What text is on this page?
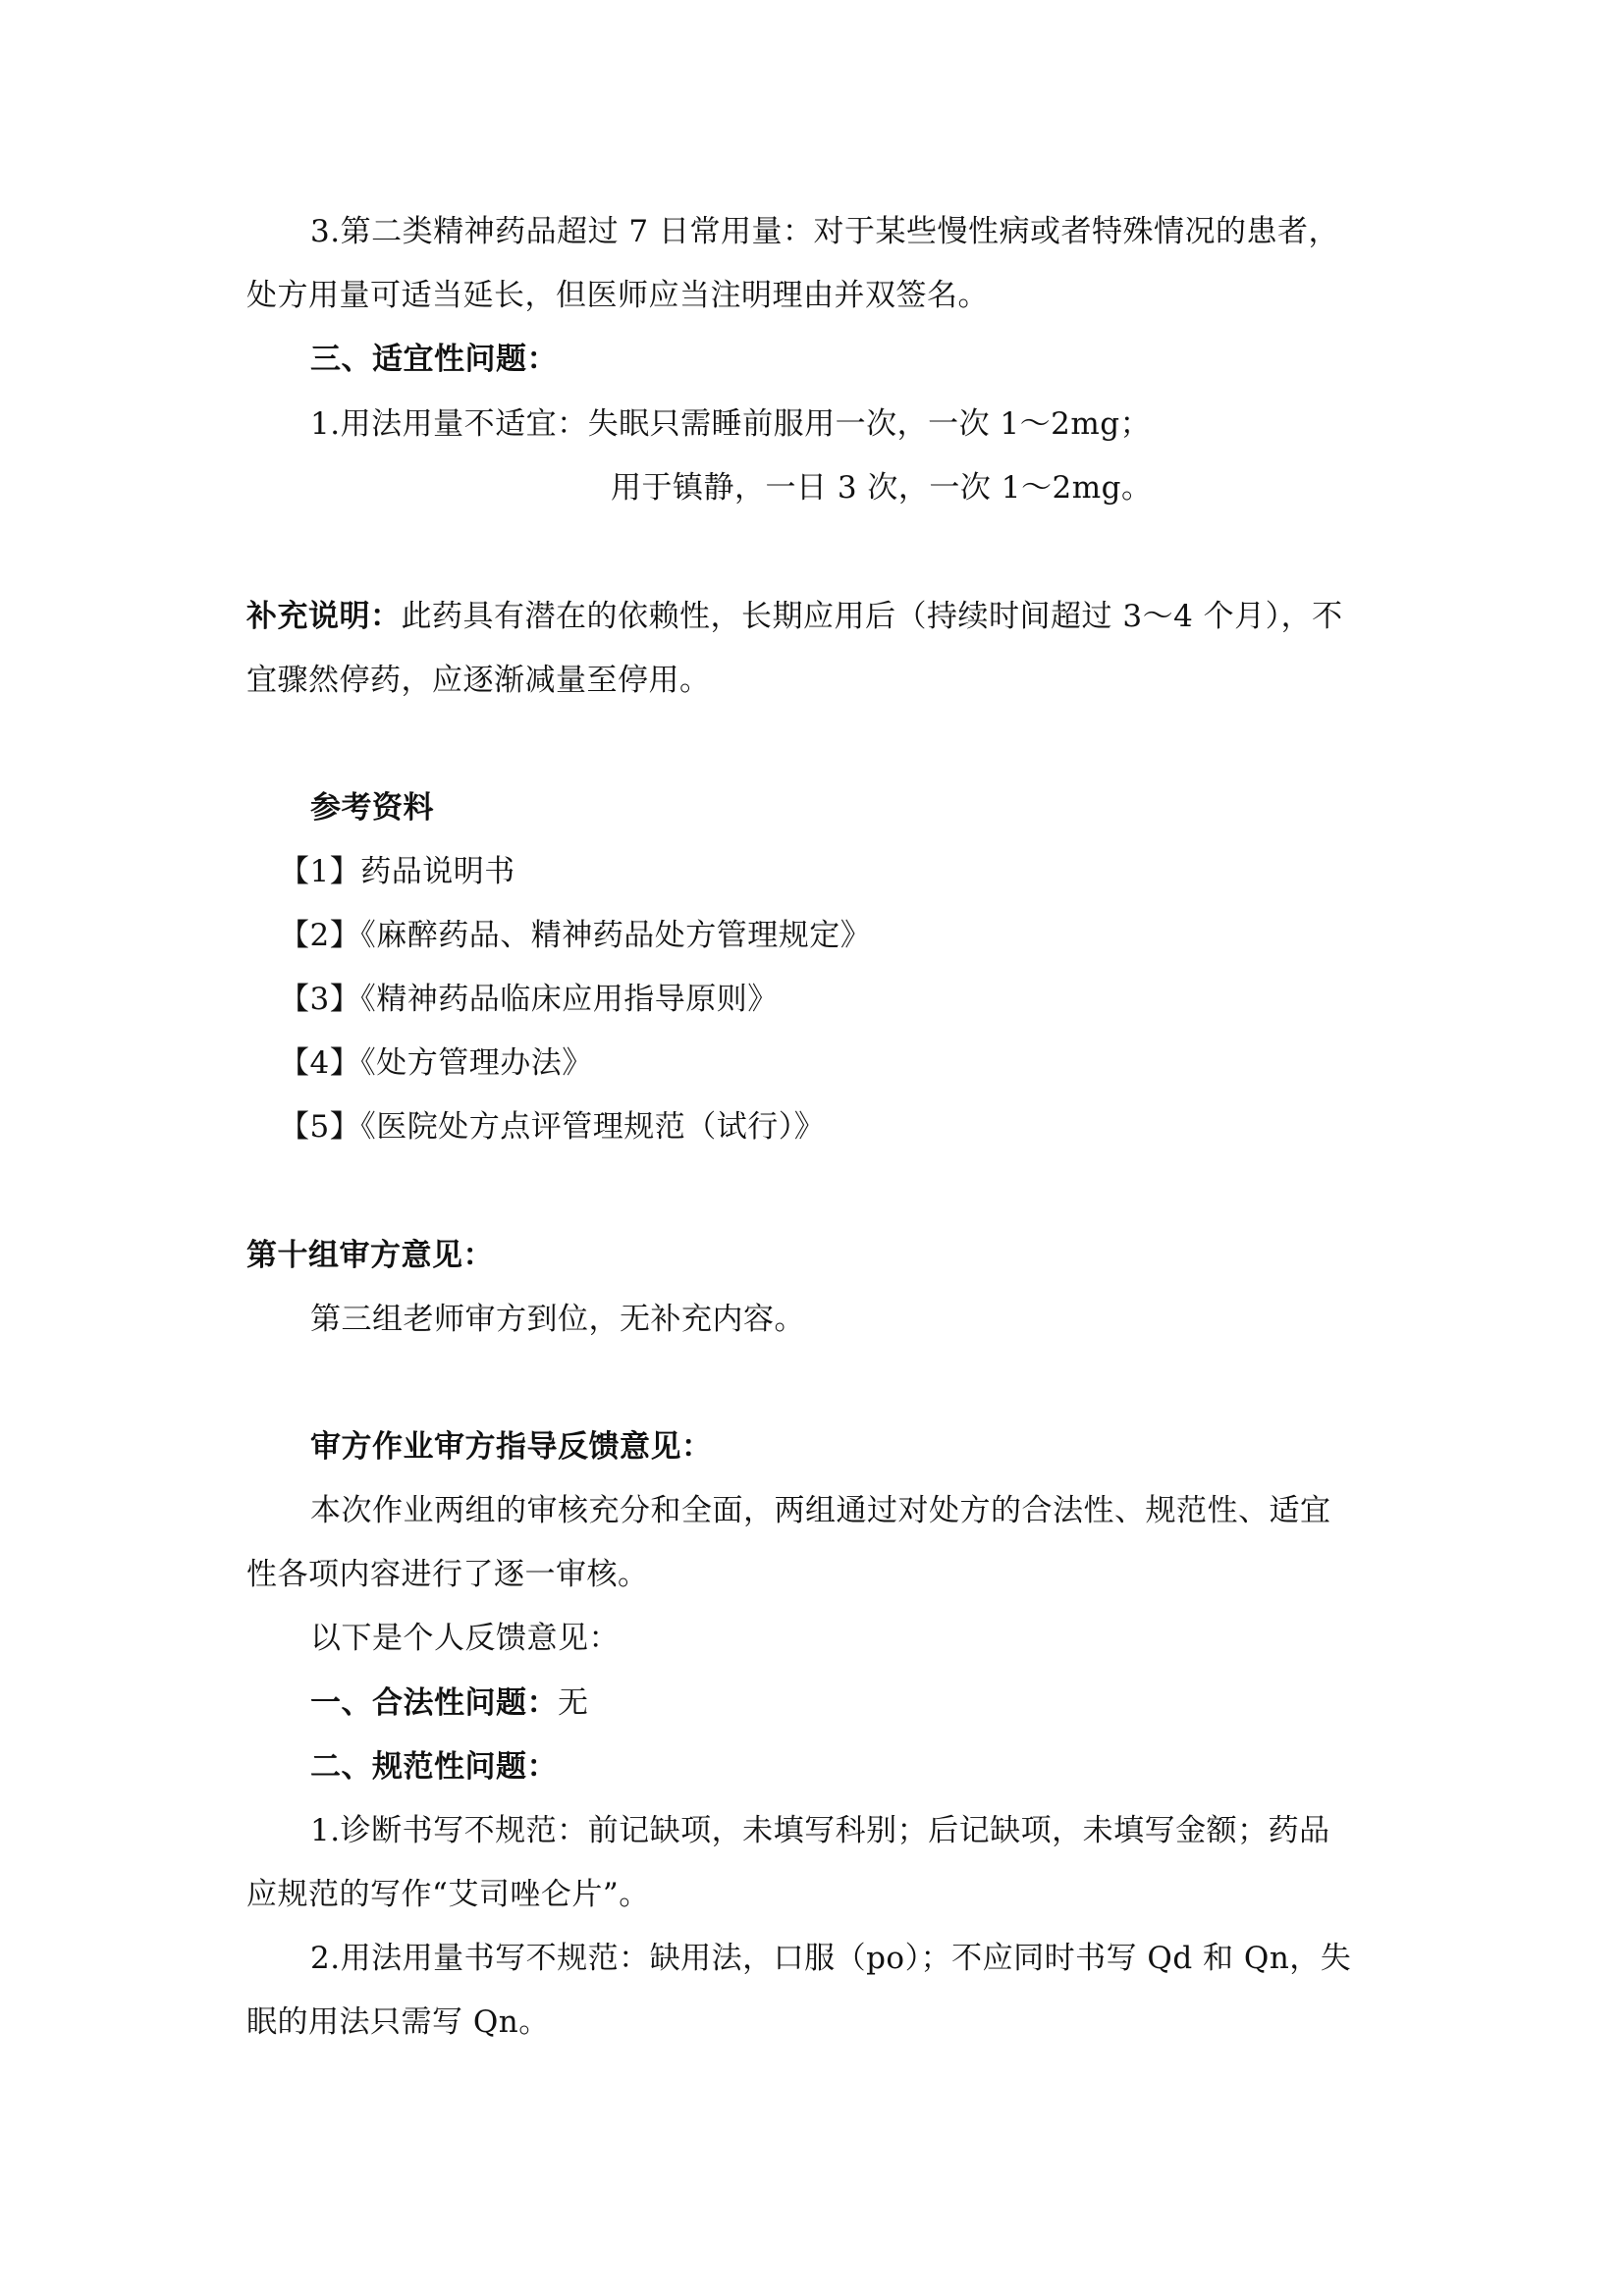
3.第二类精神药品超过 7 日常用量：对于某些慢性病或者特殊情况的患者，
处方用量可适当延长，但医师应当注明理由并双签名。
三、适宜性问题：
1.用法用量不适宜：失眠只需睡前服用一次，一次 1～2mg；
用于镇静，一日 3 次，一次 1～2mg。
补充说明：此药具有潜在的依赖性，长期应用后（持续时间超过 3～4 个月），不
宜骤然停药，应逐渐减量至停用。
参考资料
【1】药品说明书
【2】《麻醉药品、精神药品处方管理规定》
【3】《精神药品临床应用指导原则》
【4】《处方管理办法》
【5】《医院处方点评管理规范（试行）》
第十组审方意见：
第三组老师审方到位，无补充内容。
审方作业审方指导反馈意见：
本次作业两组的审核充分和全面，两组通过对处方的合法性、规范性、适宜
性各项内容进行了逐一审核。
以下是个人反馈意见：
一、合法性问题：无
二、规范性问题：
1.诊断书写不规范：前记缺项，未填写科别；后记缺项，未填写金额；药品
应规范的写作“艾司唑仑片”。
2.用法用量书写不规范：缺用法，口服（po）；不应同时书写 Qd 和 Qn，失
眠的用法只需写 Qn。
